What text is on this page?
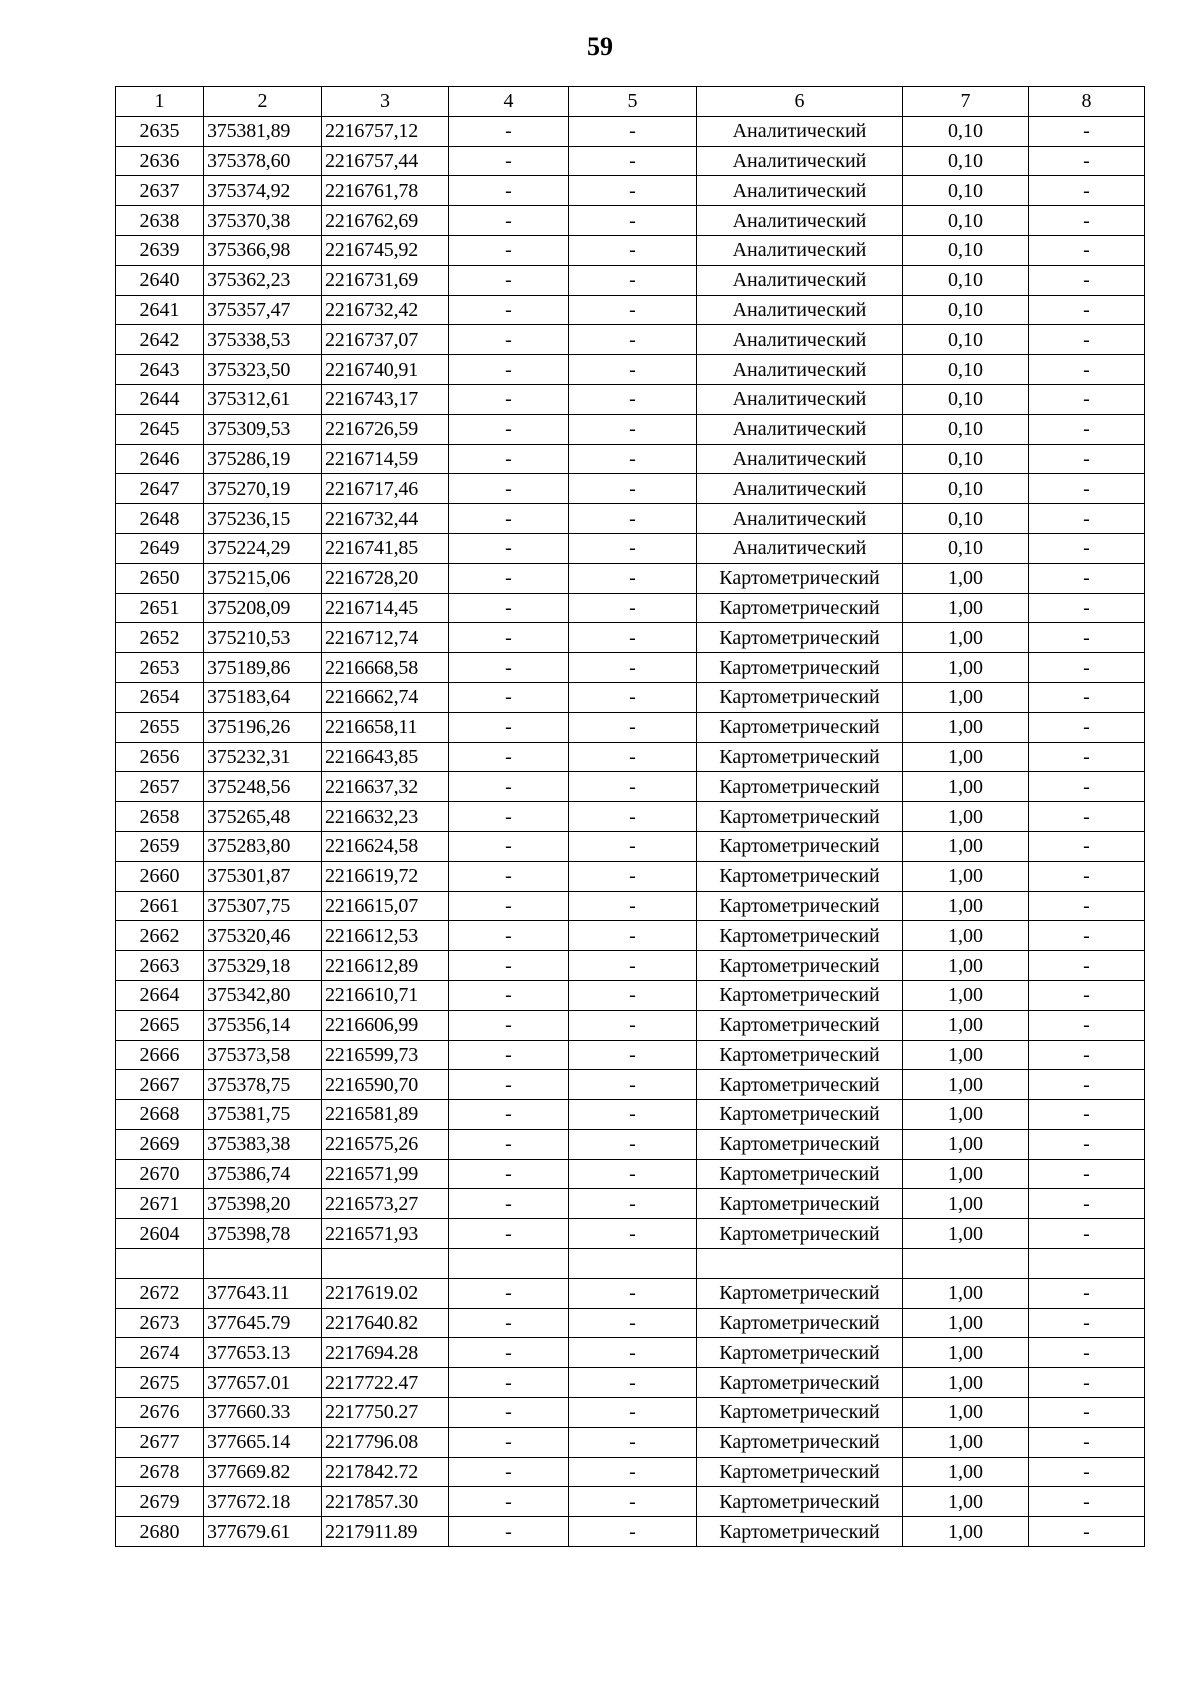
59
1	2	3	4	5	6	7	8
2635	375381,89	2216757,12	-	-	Аналитический	0,10	-
2636	375378,60	2216757,44	-	-	Аналитический	0,10	-
2637	375374,92	2216761,78	-	-	Аналитический	0,10	-
2638	375370,38	2216762,69	-	-	Аналитический	0,10	-
2639	375366,98	2216745,92	-	-	Аналитический	0,10	-
2640	375362,23	2216731,69	-	-	Аналитический	0,10	-
2641	375357,47	2216732,42	-	-	Аналитический	0,10	-
2642	375338,53	2216737,07	-	-	Аналитический	0,10	-
2643	375323,50	2216740,91	-	-	Аналитический	0,10	-
2644	375312,61	2216743,17	-	-	Аналитический	0,10	-
2645	375309,53	2216726,59	-	-	Аналитический	0,10	-
2646	375286,19	2216714,59	-	-	Аналитический	0,10	-
2647	375270,19	2216717,46	-	-	Аналитический	0,10	-
2648	375236,15	2216732,44	-	-	Аналитический	0,10	-
2649	375224,29	2216741,85	-	-	Аналитический	0,10	-
2650	375215,06	2216728,20	-	-	Картометрический	1,00	-
2651	375208,09	2216714,45	-	-	Картометрический	1,00	-
2652	375210,53	2216712,74	-	-	Картометрический	1,00	-
2653	375189,86	2216668,58	-	-	Картометрический	1,00	-
2654	375183,64	2216662,74	-	-	Картометрический	1,00	-
2655	375196,26	2216658,11	-	-	Картометрический	1,00	-
2656	375232,31	2216643,85	-	-	Картометрический	1,00	-
2657	375248,56	2216637,32	-	-	Картометрический	1,00	-
2658	375265,48	2216632,23	-	-	Картометрический	1,00	-
2659	375283,80	2216624,58	-	-	Картометрический	1,00	-
2660	375301,87	2216619,72	-	-	Картометрический	1,00	-
2661	375307,75	2216615,07	-	-	Картометрический	1,00	-
2662	375320,46	2216612,53	-	-	Картометрический	1,00	-
2663	375329,18	2216612,89	-	-	Картометрический	1,00	-
2664	375342,80	2216610,71	-	-	Картометрический	1,00	-
2665	375356,14	2216606,99	-	-	Картометрический	1,00	-
2666	375373,58	2216599,73	-	-	Картометрический	1,00	-
2667	375378,75	2216590,70	-	-	Картометрический	1,00	-
2668	375381,75	2216581,89	-	-	Картометрический	1,00	-
2669	375383,38	2216575,26	-	-	Картометрический	1,00	-
2670	375386,74	2216571,99	-	-	Картометрический	1,00	-
2671	375398,20	2216573,27	-	-	Картометрический	1,00	-
2604	375398,78	2216571,93	-	-	Картометрический	1,00	-

2672	377643.11	2217619.02	-	-	Картометрический	1,00	-
2673	377645.79	2217640.82	-	-	Картометрический	1,00	-
2674	377653.13	2217694.28	-	-	Картометрический	1,00	-
2675	377657.01	2217722.47	-	-	Картометрический	1,00	-
2676	377660.33	2217750.27	-	-	Картометрический	1,00	-
2677	377665.14	2217796.08	-	-	Картометрический	1,00	-
2678	377669.82	2217842.72	-	-	Картометрический	1,00	-
2679	377672.18	2217857.30	-	-	Картометрический	1,00	-
2680	377679.61	2217911.89	-	-	Картометрический	1,00	-
